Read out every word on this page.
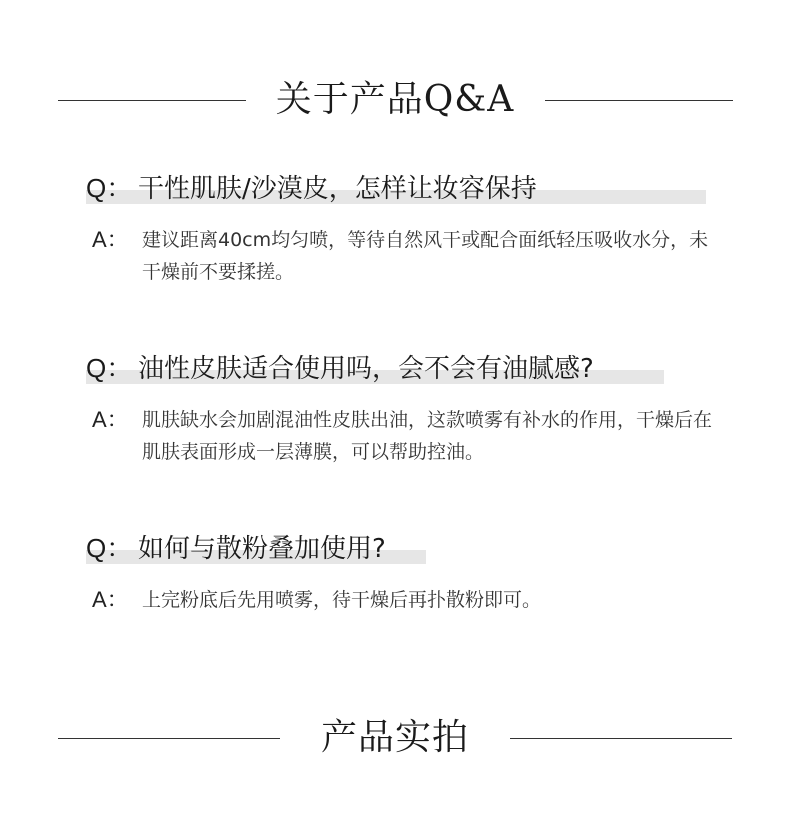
关于产品Q&A
Q： 干性肌肤/沙漠皮，怎样让妆容保持
A： 建议距离40cm均匀喷，等待自然风干或配合面纸轻压吸收水分，未干燥前不要揉搓。
Q： 油性皮肤适合使用吗，会不会有油腻感?
A： 肌肤缺水会加剧混油性皮肤出油，这款喷雾有补水的作用，干燥后在肌肤表面形成一层薄膜，可以帮助控油。
Q： 如何与散粉叠加使用?
A： 上完粉底后先用喷雾，待干燥后再扑散粉即可。
产品实拍
